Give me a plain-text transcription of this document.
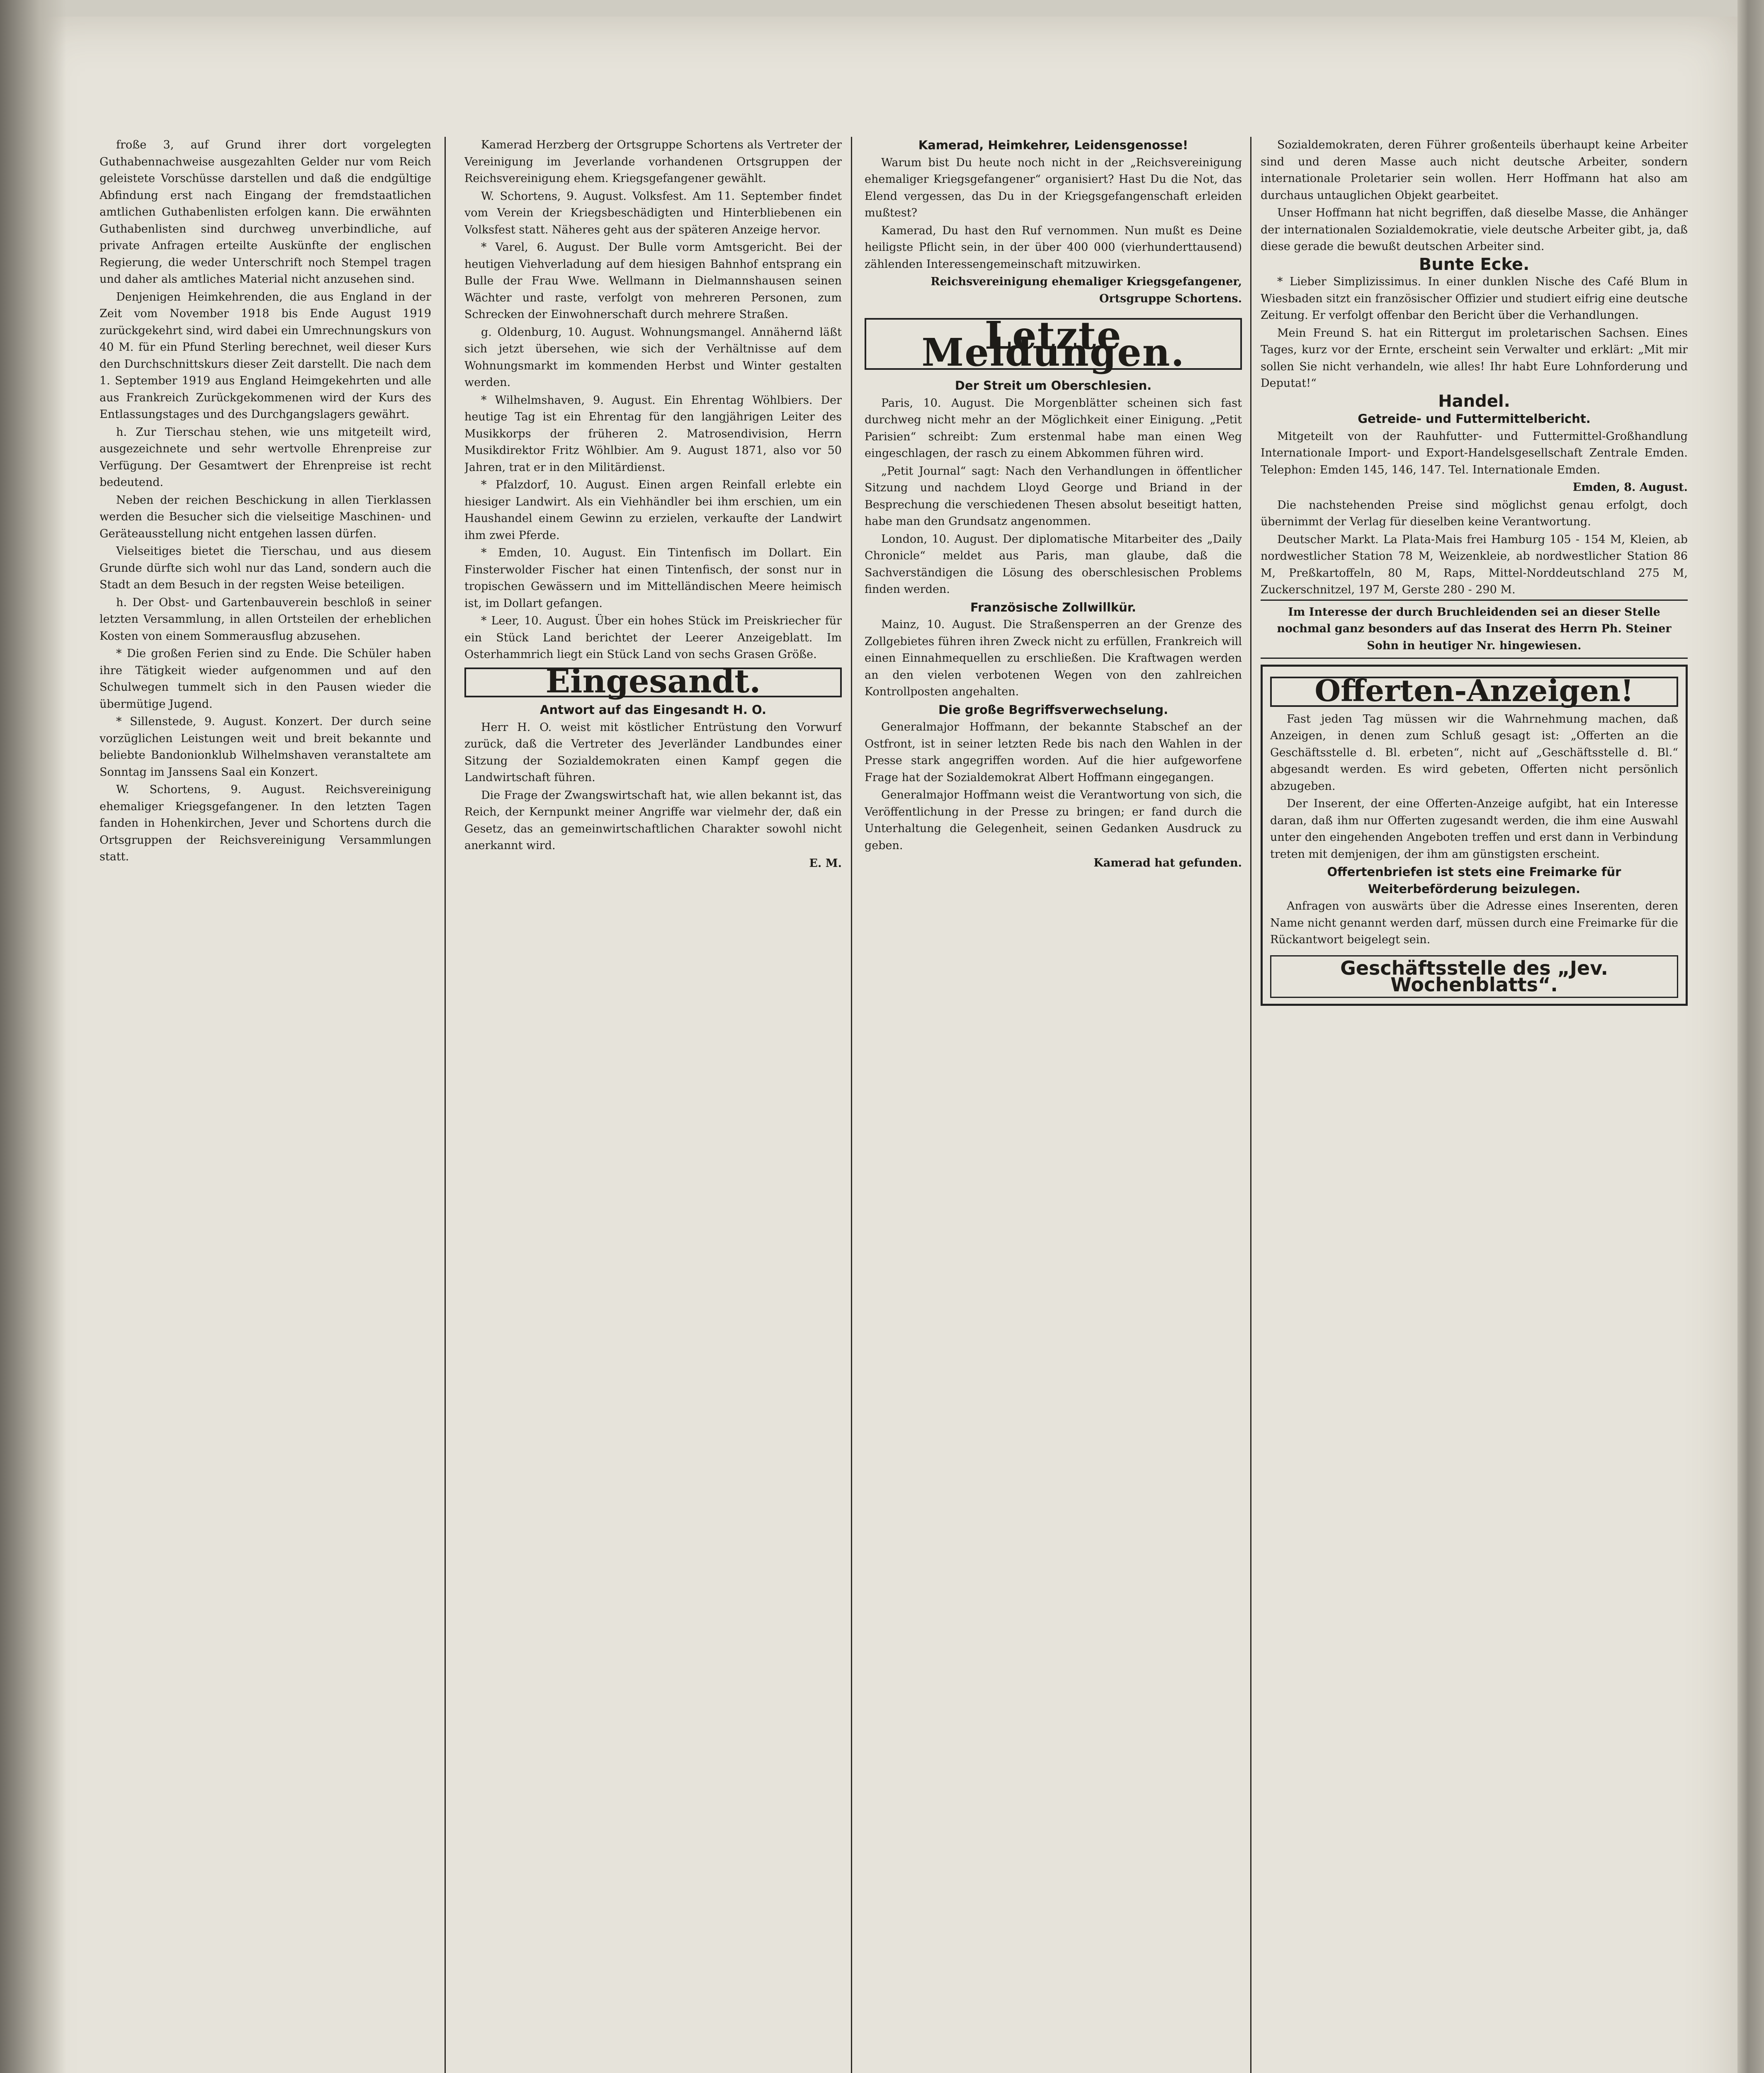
froße 3, auf Grund ihrer dort vorgelegten Guthabennachweise ausgezahlten Gelder nur vom Reich geleistete Vorschüsse darstellen und daß die endgültige Abfindung erst nach Eingang der fremdstaatlichen amtlichen Guthabenlisten erfolgen kann. Die erwähnten Guthabenlisten sind durchweg unverbindliche, auf private Anfragen erteilte Auskünfte der englischen Regierung, die weder Unterschrift noch Stempel tragen und daher als amtliches Material nicht anzusehen sind.

Denjenigen Heimkehrenden, die aus England in der Zeit vom November 1918 bis Ende August 1919 zurückgekehrt sind, wird dabei ein Umrechnungskurs von 40 M. für ein Pfund Sterling berechnet, weil dieser Kurs den Durchschnittskurs dieser Zeit darstellt. Die nach dem 1. September 1919 aus England Heimgekehrten und alle aus Frankreich Zurückgekommenen wird der Kurs des Entlassungstages und des Durchgangslagers gewährt.

h. Zur Tierschau stehen, wie uns mitgeteilt wird, ausgezeichnete und sehr wertvolle Ehrenpreise zur Verfügung. Der Gesamtwert der Ehrenpreise ist recht bedeutend.

Neben der reichen Beschickung in allen Tierklassen werden die Besucher sich die vielseitige Maschinen- und Geräteausstellung nicht entgehen lassen dürfen.

Vielseitiges bietet die Tierschau, und aus diesem Grunde dürfte sich wohl nur das Land, sondern auch die Stadt an dem Besuch in der regsten Weise beteiligen.

h. Der Obst- und Gartenbauverein beschloß in seiner letzten Versammlung, in allen Ortsteilen der erheblichen Kosten von einem Sommerausflug abzusehen.

* Die großen Ferien sind zu Ende. Die Schüler haben ihre Tätigkeit wieder aufgenommen und auf den Schulwegen tummelt sich in den Pausen wieder die übermütige Jugend.

* Sillenstede, 9. August. Konzert. Der durch seine vorzüglichen Leistungen weit und breit bekannte und beliebte Bandonionklub Wilhelmshaven veranstaltete am Sonntag im Janssens Saal ein Konzert.

W. Schortens, 9. August. Reichsvereinigung ehemaliger Kriegsgefangener. In den letzten Tagen fanden in Hohenkirchen, Jever und Schortens durch die Ortsgruppen der Reichsvereinigung Versammlungen statt.

Kamerad Herzberg der Ortsgruppe Schortens als Vertreter der Vereinigung im Jeverlande vorhandenen Ortsgruppen der Reichsvereinigung ehem. Kriegsgefangener gewählt.

W. Schortens, 9. August. Volksfest. Am 11. September findet vom Verein der Kriegsbeschädigten und Hinterbliebenen ein Volksfest statt. Näheres geht aus der späteren Anzeige hervor.

* Varel, 6. August. Der Bulle vorm Amtsgericht. Bei der heutigen Viehverladung auf dem hiesigen Bahnhof entsprang ein Bulle der Frau Wwe. Wellmann in Dielmannshausen seinen Wächter und raste, verfolgt von mehreren Personen, zum Schrecken der Einwohnerschaft durch mehrere Straßen.

g. Oldenburg, 10. August. Wohnungsmangel. Annähernd läßt sich jetzt übersehen, wie sich der Verhältnisse auf dem Wohnungsmarkt im kommenden Herbst und Winter gestalten werden.

* Wilhelmshaven, 9. August. Ein Ehrentag Wöhlbiers. Der heutige Tag ist ein Ehrentag für den langjährigen Leiter des Musikkorps der früheren 2. Matrosendivision, Herrn Musikdirektor Fritz Wöhlbier. Am 9. August 1871, also vor 50 Jahren, trat er in den Militärdienst.

* Pfalzdorf, 10. August. Einen argen Reinfall erlebte ein hiesiger Landwirt. Als ein Viehhändler bei ihm erschien, um ein Haushandel einem Gewinn zu erzielen, verkaufte der Landwirt ihm zwei Pferde.

* Emden, 10. August. Ein Tintenfisch im Dollart. Ein Finsterwolder Fischer hat einen Tintenfisch, der sonst nur in tropischen Gewässern und im Mittelländischen Meere heimisch ist, im Dollart gefangen.

* Leer, 10. August. Über ein hohes Stück im Preiskriecher für ein Stück Land berichtet der Leerer Anzeigeblatt. Im Osterhammrich liegt ein Stück Land von sechs Grasen Größe.

Eingesandt.

Antwort auf das Eingesandt H. O.

Herr H. O. weist mit köstlicher Entrüstung den Vorwurf zurück, daß die Vertreter des Jeverländer Landbundes einer Sitzung der Sozialdemokraten einen Kampf gegen die Landwirtschaft führen.

Die Frage der Zwangswirtschaft hat, wie allen bekannt ist, das Reich, der Kernpunkt meiner Angriffe war vielmehr der, daß ein Gesetz, das an gemeinwirtschaftlichen Charakter sowohl nicht anerkannt wird.

E. M.

Kamerad, Heimkehrer, Leidensgenosse!

Warum bist Du heute noch nicht in der „Reichsvereinigung ehemaliger Kriegsgefangener“ organisiert? Hast Du die Not, das Elend vergessen, das Du in der Kriegsgefangenschaft erleiden mußtest?

Kamerad, Du hast den Ruf vernommen. Nun mußt es Deine heiligste Pflicht sein, in der über 400 000 (vierhunderttausend) zählenden Interessengemeinschaft mitzuwirken.

Reichsvereinigung ehemaliger Kriegsgefangener, Ortsgruppe Schortens.

Letzte Meldungen.

Der Streit um Oberschlesien.

Paris, 10. August. Die Morgenblätter scheinen sich fast durchweg nicht mehr an der Möglichkeit einer Einigung. „Petit Parisien“ schreibt: Zum erstenmal habe man einen Weg eingeschlagen, der rasch zu einem Abkommen führen wird.

„Petit Journal“ sagt: Nach den Verhandlungen in öffentlicher Sitzung und nachdem Lloyd George und Briand in der Besprechung die verschiedenen Thesen absolut beseitigt hatten, habe man den Grundsatz angenommen.

London, 10. August. Der diplomatische Mitarbeiter des „Daily Chronicle“ meldet aus Paris, man glaube, daß die Sachverständigen die Lösung des oberschlesischen Problems finden werden.

Französische Zollwillkür.

Mainz, 10. August. Die Straßensperren an der Grenze des Zollgebietes führen ihren Zweck nicht zu erfüllen, Frankreich will einen Einnahmequellen zu erschließen. Die Kraftwagen werden an den vielen verbotenen Wegen von den zahlreichen Kontrollposten angehalten.

Die große Begriffsverwechselung.

Generalmajor Hoffmann, der bekannte Stabschef an der Ostfront, ist in seiner letzten Rede bis nach den Wahlen in der Presse stark angegriffen worden. Auf die hier aufgeworfene Frage hat der Sozialdemokrat Albert Hoffmann eingegangen.

Generalmajor Hoffmann weist die Verantwortung von sich, die Veröffentlichung in der Presse zu bringen; er fand durch die Unterhaltung die Gelegenheit, seinen Gedanken Ausdruck zu geben.

Kamerad hat gefunden.

Sozialdemokraten, deren Führer großenteils überhaupt keine Arbeiter sind und deren Masse auch nicht deutsche Arbeiter, sondern internationale Proletarier sein wollen. Herr Hoffmann hat also am durchaus untauglichen Objekt gearbeitet.

Unser Hoffmann hat nicht begriffen, daß dieselbe Masse, die Anhänger der internationalen Sozialdemokratie, viele deutsche Arbeiter gibt, ja, daß diese gerade die bewußt deutschen Arbeiter sind.

Bunte Ecke.

* Lieber Simplizissimus. In einer dunklen Nische des Café Blum in Wiesbaden sitzt ein französischer Offizier und studiert eifrig eine deutsche Zeitung. Er verfolgt offenbar den Bericht über die Verhandlungen.

Mein Freund S. hat ein Rittergut im proletarischen Sachsen. Eines Tages, kurz vor der Ernte, erscheint sein Verwalter und erklärt: „Mit mir sollen Sie nicht verhandeln, wie alles! Ihr habt Eure Lohnforderung und Deputat!“

Handel.

Getreide- und Futtermittelbericht.

Mitgeteilt von der Rauhfutter- und Futtermittel-Großhandlung Internationale Import- und Export-Handelsgesellschaft Zentrale Emden. Telephon: Emden 145, 146, 147. Tel. Internationale Emden.

Emden, 8. August.

Die nachstehenden Preise sind möglichst genau erfolgt, doch übernimmt der Verlag für dieselben keine Verantwortung.

Deutscher Markt. La Plata-Mais frei Hamburg 105 - 154 M, Kleien, ab nordwestlicher Station 78 M, Weizenkleie, ab nordwestlicher Station 86 M, Preßkartoffeln, 80 M, Raps, Mittel-Norddeutschland 275 M, Zuckerschnitzel, 197 M, Gerste 280 - 290 M.

Im Interesse der durch Bruchleidenden sei an dieser Stelle nochmal ganz besonders auf das Inserat des Herrn Ph. Steiner Sohn in heutiger Nr. hingewiesen.

Offerten-Anzeigen!

Fast jeden Tag müssen wir die Wahrnehmung machen, daß Anzeigen, in denen zum Schluß gesagt ist: „Offerten an die Geschäftsstelle d. Bl. erbeten“, nicht auf „Geschäftsstelle d. Bl.“ abgesandt werden. Es wird gebeten, Offerten nicht persönlich abzugeben.

Der Inserent, der eine Offerten-Anzeige aufgibt, hat ein Interesse daran, daß ihm nur Offerten zugesandt werden, die ihm eine Auswahl unter den eingehenden Angeboten treffen und erst dann in Verbindung treten mit demjenigen, der ihm am günstigsten erscheint.

Offertenbriefen ist stets eine Freimarke für Weiterbeförderung beizulegen.

Anfragen von auswärts über die Adresse eines Inserenten, deren Name nicht genannt werden darf, müssen durch eine Freimarke für die Rückantwort beigelegt sein.

Geschäftsstelle des „Jev. Wochenblatts“.
